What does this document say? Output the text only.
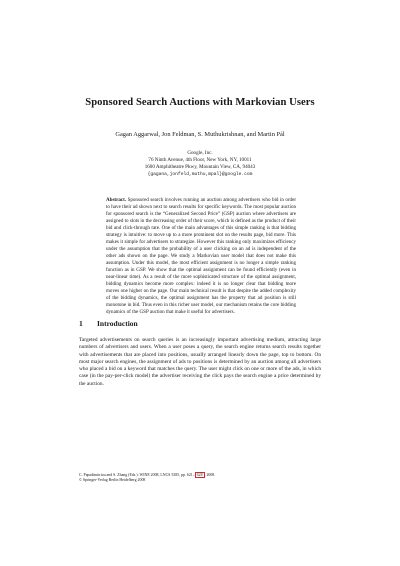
Sponsored Search Auctions with Markovian Users
Gagan Aggarwal, Jon Feldman, S. Muthukrishnan, and Martin Pál
Google, Inc.
76 Ninth Avenue, 4th Floor, New York, NY, 10011
1600 Amphitheatre Pkwy, Mountain View, CA, 94043
{gagana,jonfeld,muthu,mpal}@google.com
Abstract. Sponsored search involves running an auction among advertisers who bid in order to have their ad shown next to search results for specific keywords. The most popular auction for sponsored search is the “Generalized Second Price” (GSP) auction where advertisers are assigned to slots in the decreasing order of their score, which is defined as the product of their bid and click-through rate. One of the main advantages of this simple ranking is that bidding strategy is intuitive: to move up to a more prominent slot on the results page, bid more. This makes it simple for advertisers to strategize. However this ranking only maximizes efficiency under the assumption that the probability of a user clicking on an ad is independent of the other ads shown on the page. We study a Markovian user model that does not make this assumption. Under this model, the most efficient assignment is no longer a simple ranking function as in GSP. We show that the optimal assignment can be found efficiently (even in near-linear time). As a result of the more sophisticated structure of the optimal assignment, bidding dynamics become more complex: indeed it is no longer clear that bidding more moves one higher on the page. Our main technical result is that despite the added complexity of the bidding dynamics, the optimal assignment has the property that ad position is still monotone in bid. Thus even in this richer user model, our mechanism retains the core bidding dynamics of the GSP auction that make it useful for advertisers.
1 Introduction
Targeted advertisements on search queries is an increasingly important advertising medium, attracting large numbers of advertisers and users. When a user poses a query, the search engine returns search results together with advertisements that are placed into positions, usually arranged linearly down the page, top to bottom. On most major search engines, the assignment of ads to positions is determined by an auction among all advertisers who placed a bid on a keyword that matches the query. The user might click on one or more of the ads, in which case (in the pay-per-click model) the advertiser receiving the click pays the search engine a price determined by the auction.
C. Papadimitriou and S. Zhang (Eds.): WINE 2008, LNCS 5385, pp. 621– 628 , 2008.
© Springer-Verlag Berlin Heidelberg 2008
